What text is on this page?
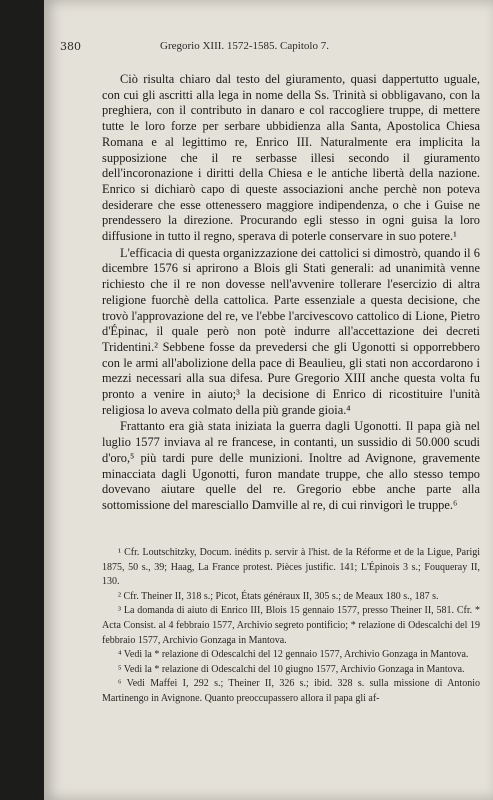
380	Gregorio XIII. 1572-1585. Capitolo 7.

Ciò risulta chiaro dal testo del giuramento, quasi dappertutto uguale, con cui gli ascritti alla lega in nome della Ss. Trinità si obbligavano, con la preghiera, con il contributo in danaro e col raccogliere truppe, di mettere tutte le loro forze per serbare ubbidienza alla Santa, Apostolica Chiesa Romana e al legittimo re, Enrico III. Naturalmente era implicita la supposizione che il re serbasse illesi secondo il giuramento dell'incoronazione i diritti della Chiesa e le antiche libertà della nazione. Enrico si dichiarò capo di queste associazioni anche perchè non poteva desiderare che esse ottenessero maggiore indipendenza, o che i Guise ne prendessero la direzione. Procurando egli stesso in ogni guisa la loro diffusione in tutto il regno, sperava di poterle conservare in suo potere.¹

L'efficacia di questa organizzazione dei cattolici si dimostrò, quando il 6 dicembre 1576 si aprirono a Blois gli Stati generali: ad unanimità venne richiesto che il re non dovesse nell'avvenire tollerare l'esercizio di altra religione fuorchè della cattolica. Parte essenziale a questa decisione, che trovò l'approvazione del re, ve l'ebbe l'arcivescovo cattolico di Lione, Pietro d'Épinac, il quale però non potè indurre all'accettazione dei decreti Tridentini.² Sebbene fosse da prevedersi che gli Ugonotti si opporrebbero con le armi all'abolizione della pace di Beaulieu, gli stati non accordarono i mezzi necessari alla sua difesa. Pure Gregorio XIII anche questa volta fu pronto a venire in aiuto;³ la decisione di Enrico di ricostituire l'unità religiosa lo aveva colmato della più grande gioia.⁴

Frattanto era già stata iniziata la guerra dagli Ugonotti. Il papa già nel luglio 1577 inviava al re francese, in contanti, un sussidio di 50.000 scudi d'oro,⁵ più tardi pure delle munizioni. Inoltre ad Avignone, gravemente minacciata dagli Ugonotti, furon mandate truppe, che allo stesso tempo dovevano aiutare quelle del re. Gregorio ebbe anche parte alla sottomissione del maresciallo Damville al re, di cui rinvigorì le truppe.⁶

¹ Cfr. Loutschitzky, Docum. inédits p. servir à l'hist. de la Réforme et de la Ligue, Parigi 1875, 50 s., 39; Haag, La France protest. Pièces justific. 141; L'Épinois 3 s.; Fouqueray II, 130.

² Cfr. Theiner II, 318 s.; Picot, États généraux II, 305 s.; de Meaux 180 s., 187 s.

³ La domanda di aiuto di Enrico III, Blois 15 gennaio 1577, presso Theiner II, 581. Cfr. * Acta Consist. al 4 febbraio 1577, Archivio segreto pontificio; * relazione di Odescalchi del 19 febbraio 1577, Archivio Gonzaga in Mantova.

⁴ Vedi la * relazione di Odescalchi del 12 gennaio 1577, Archivio Gonzaga in Mantova.

⁵ Vedi la * relazione di Odescalchi del 10 giugno 1577, Archivio Gonzaga in Mantova.

⁶ Vedi Maffei I, 292 s.; Theiner II, 326 s.; ibid. 328 s. sulla missione di Antonio Martinengo in Avignone. Quanto preoccupassero allora il papa gli af-
